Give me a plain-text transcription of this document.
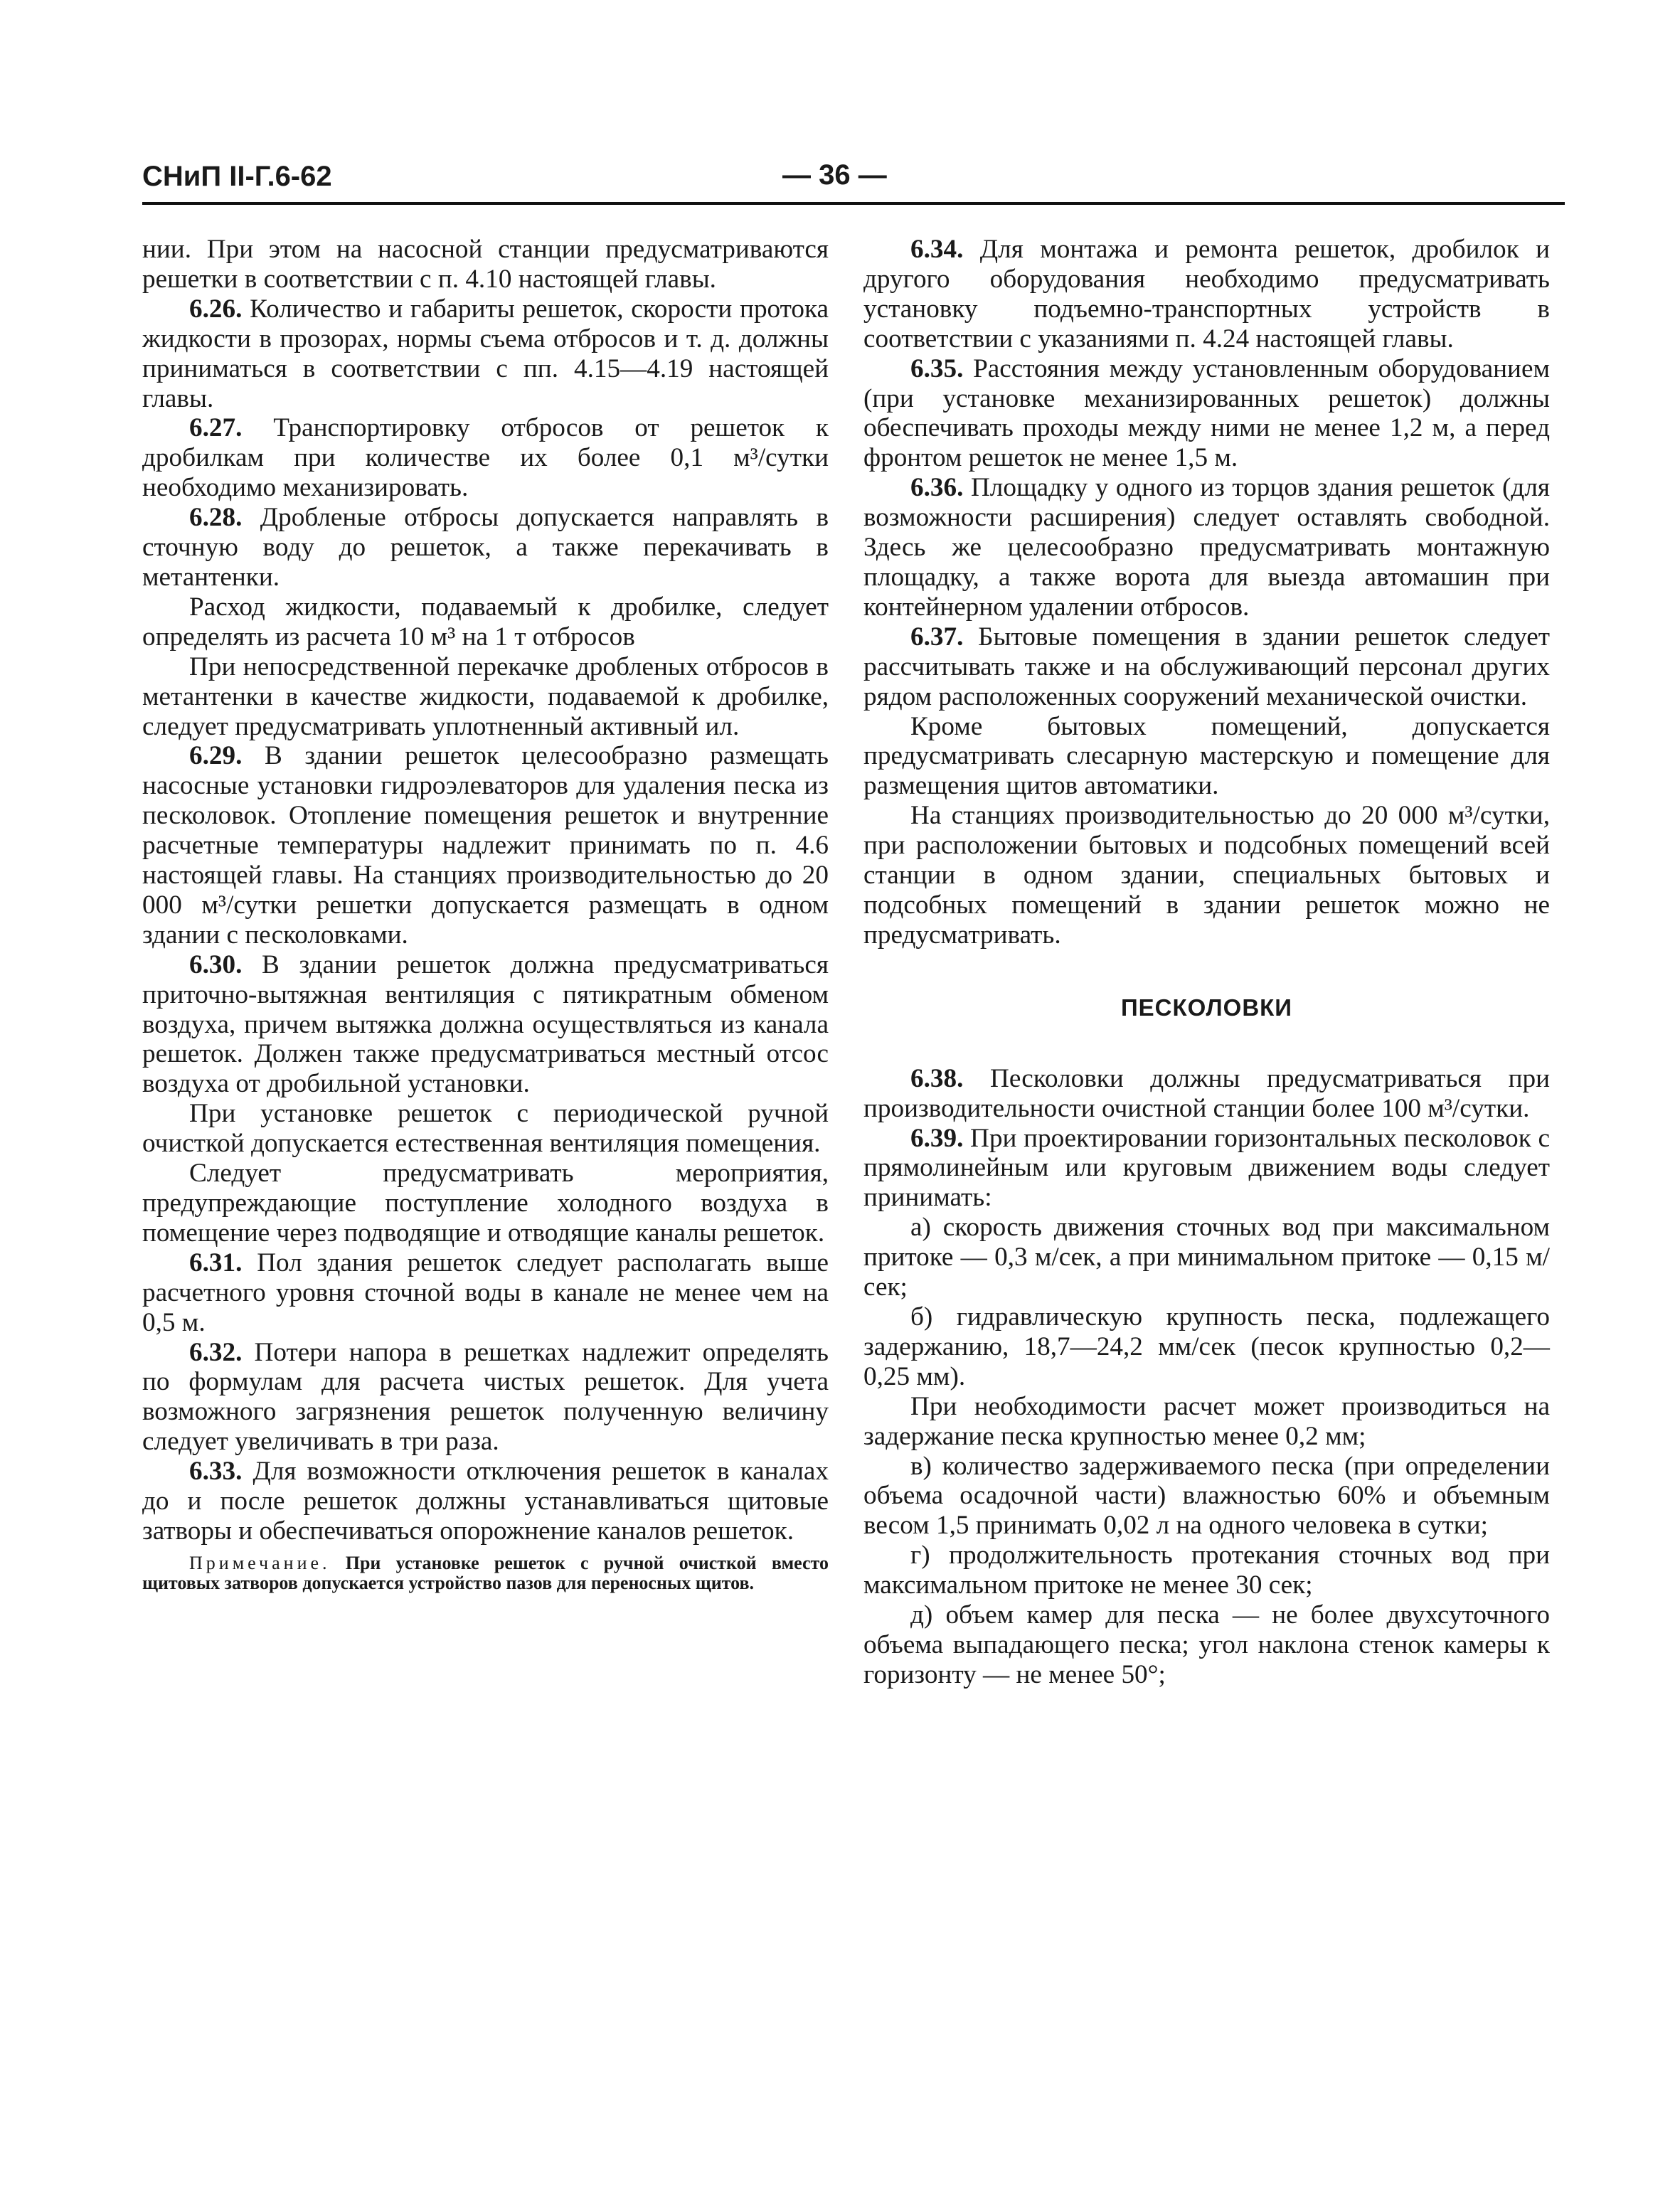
СНиП II-Г.6-62	— 36 —

нии. При этом на насосной станции предусматриваются решетки в соответствии с п. 4.10 настоящей главы.

6.26. Количество и габариты решеток, скорости протока жидкости в прозорах, нормы съема отбросов и т. д. должны приниматься в соответствии с пп. 4.15—4.19 настоящей главы.

6.27. Транспортировку отбросов от решеток к дробилкам при количестве их более 0,1 м³/сутки необходимо механизировать.

6.28. Дробленые отбросы допускается направлять в сточную воду до решеток, а также перекачивать в метантенки.

Расход жидкости, подаваемый к дробилке, следует определять из расчета 10 м³ на 1 т отбросов

При непосредственной перекачке дробленых отбросов в метантенки в качестве жидкости, подаваемой к дробилке, следует предусматривать уплотненный активный ил.

6.29. В здании решеток целесообразно размещать насосные установки гидроэлеваторов для удаления песка из песколовок. Отопление помещения решеток и внутренние расчетные температуры надлежит принимать по п. 4.6 настоящей главы. На станциях производительностью до 20 000 м³/сутки решетки допускается размещать в одном здании с песколовками.

6.30. В здании решеток должна предусматриваться приточно-вытяжная вентиляция с пятикратным обменом воздуха, причем вытяжка должна осуществляться из канала решеток. Должен также предусматриваться местный отсос воздуха от дробильной установки.

При установке решеток с периодической ручной очисткой допускается естественная вентиляция помещения.

Следует предусматривать мероприятия, предупреждающие поступление холодного воздуха в помещение через подводящие и отводящие каналы решеток.

6.31. Пол здания решеток следует располагать выше расчетного уровня сточной воды в канале не менее чем на 0,5 м.

6.32. Потери напора в решетках надлежит определять по формулам для расчета чистых решеток. Для учета возможного загрязнения решеток полученную величину следует увеличивать в три раза.

6.33. Для возможности отключения решеток в каналах до и после решеток должны устанавливаться щитовые затворы и обеспечиваться опорожнение каналов решеток.

Примечание. При установке решеток с ручной очисткой вместо щитовых затворов допускается устройство пазов для переносных щитов.

6.34. Для монтажа и ремонта решеток, дробилок и другого оборудования необходимо предусматривать установку подъемно-транспортных устройств в соответствии с указаниями п. 4.24 настоящей главы.

6.35. Расстояния между установленным оборудованием (при установке механизированных решеток) должны обеспечивать проходы между ними не менее 1,2 м, а перед фронтом решеток не менее 1,5 м.

6.36. Площадку у одного из торцов здания решеток (для возможности расширения) следует оставлять свободной. Здесь же целесообразно предусматривать монтажную площадку, а также ворота для выезда автомашин при контейнерном удалении отбросов.

6.37. Бытовые помещения в здании решеток следует рассчитывать также и на обслуживающий персонал других рядом расположенных сооружений механической очистки.

Кроме бытовых помещений, допускается предусматривать слесарную мастерскую и помещение для размещения щитов автоматики.

На станциях производительностью до 20 000 м³/сутки, при расположении бытовых и подсобных помещений всей станции в одном здании, специальных бытовых и подсобных помещений в здании решеток можно не предусматривать.

ПЕСКОЛОВКИ

6.38. Песколовки должны предусматриваться при производительности очистной станции более 100 м³/сутки.

6.39. При проектировании горизонтальных песколовок с прямолинейным или круговым движением воды следует принимать:

а) скорость движения сточных вод при максимальном притоке — 0,3 м/сек, а при минимальном притоке — 0,15 м/сек;

б) гидравлическую крупность песка, подлежащего задержанию, 18,7—24,2 мм/сек (песок крупностью 0,2—0,25 мм).

При необходимости расчет может производиться на задержание песка крупностью менее 0,2 мм;

в) количество задерживаемого песка (при определении объема осадочной части) влажностью 60% и объемным весом 1,5 принимать 0,02 л на одного человека в сутки;

г) продолжительность протекания сточных вод при максимальном притоке не менее 30 сек;

д) объем камер для песка — не более двухсуточного объема выпадающего песка; угол наклона стенок камеры к горизонту — не менее 50°;
